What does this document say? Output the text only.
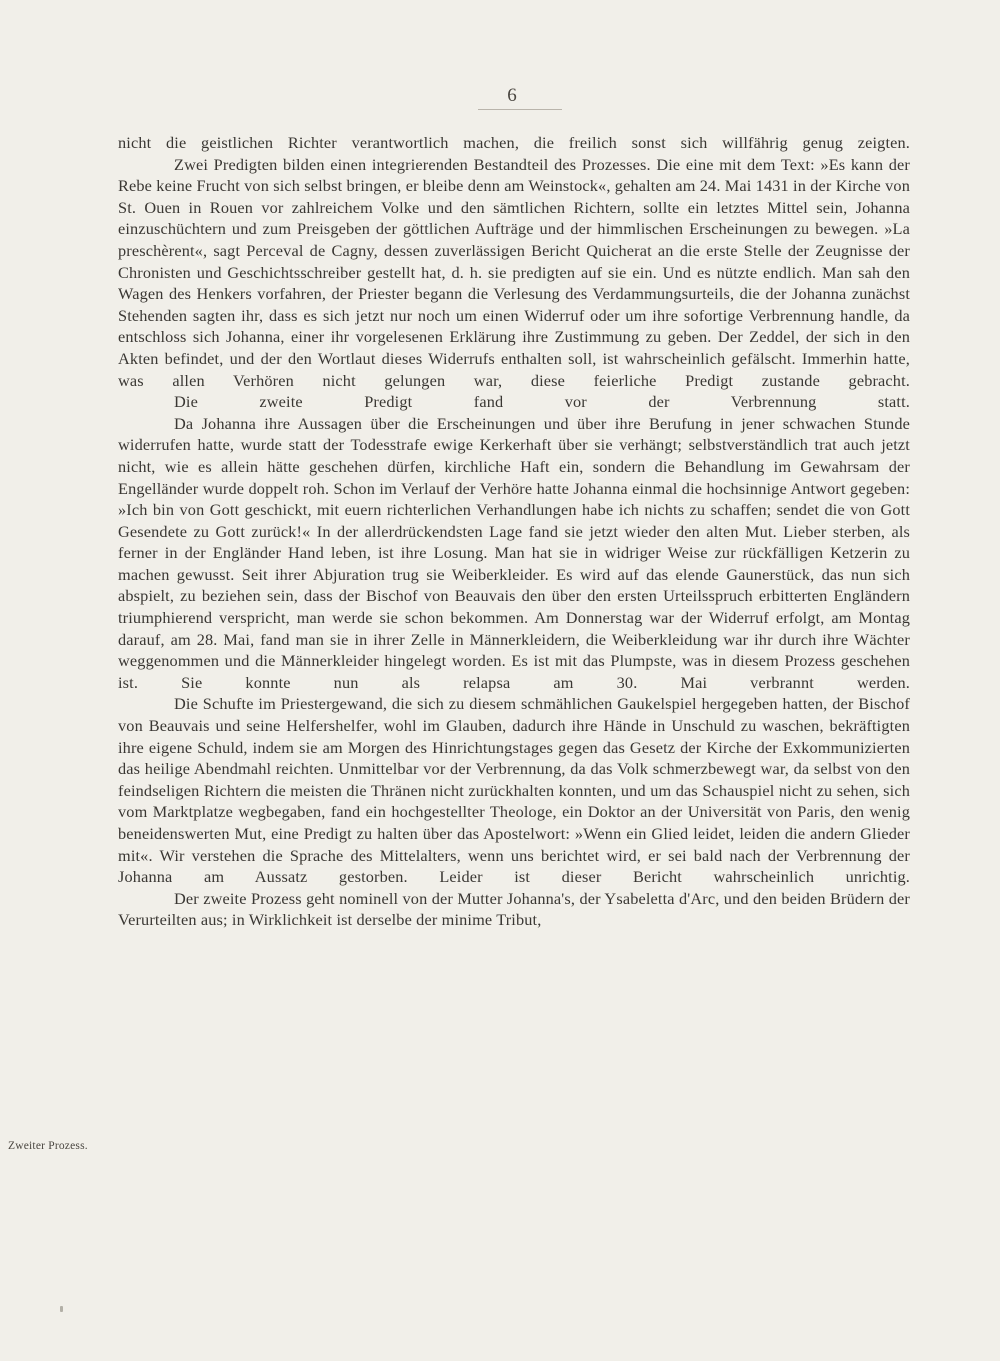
6

nicht die geistlichen Richter verantwortlich machen, die freilich sonst sich willfährig genug zeigten.

Zwei Predigten bilden einen integrierenden Bestandteil des Prozesses. Die eine mit dem Text: »Es kann der Rebe keine Frucht von sich selbst bringen, er bleibe denn am Weinstock«, gehalten am 24. Mai 1431 in der Kirche von St. Ouen in Rouen vor zahlreichem Volke und den sämtlichen Richtern, sollte ein letztes Mittel sein, Johanna einzuschüchtern und zum Preisgeben der göttlichen Aufträge und der himmlischen Erscheinungen zu bewegen. »La preschèrent«, sagt Perceval de Cagny, dessen zuverlässigen Bericht Quicherat an die erste Stelle der Zeugnisse der Chronisten und Geschichtsschreiber gestellt hat, d. h. sie predigten auf sie ein. Und es nützte endlich. Man sah den Wagen des Henkers vorfahren, der Priester begann die Verlesung des Verdammungsurteils, die der Johanna zunächst Stehenden sagten ihr, dass es sich jetzt nur noch um einen Widerruf oder um ihre sofortige Verbrennung handle, da entschloss sich Johanna, einer ihr vorgelesenen Erklärung ihre Zustimmung zu geben. Der Zeddel, der sich in den Akten befindet, und der den Wortlaut dieses Widerrufs enthalten soll, ist wahrscheinlich gefälscht. Immerhin hatte, was allen Verhören nicht gelungen war, diese feierliche Predigt zustande gebracht.

Die zweite Predigt fand vor der Verbrennung statt.

Da Johanna ihre Aussagen über die Erscheinungen und über ihre Berufung in jener schwachen Stunde widerrufen hatte, wurde statt der Todesstrafe ewige Kerkerhaft über sie verhängt; selbstverständlich trat auch jetzt nicht, wie es allein hätte geschehen dürfen, kirchliche Haft ein, sondern die Behandlung im Gewahrsam der Engelländer wurde doppelt roh. Schon im Verlauf der Verhöre hatte Johanna einmal die hochsinnige Antwort gegeben: »Ich bin von Gott geschickt, mit euern richterlichen Verhandlungen habe ich nichts zu schaffen; sendet die von Gott Gesendete zu Gott zurück!« In der allerdrückendsten Lage fand sie jetzt wieder den alten Mut. Lieber sterben, als ferner in der Engländer Hand leben, ist ihre Losung. Man hat sie in widriger Weise zur rückfälligen Ketzerin zu machen gewusst. Seit ihrer Abjuration trug sie Weiberkleider. Es wird auf das elende Gaunerstück, das nun sich abspielt, zu beziehen sein, dass der Bischof von Beauvais den über den ersten Urteilsspruch erbitterten Engländern triumphierend verspricht, man werde sie schon bekommen. Am Donnerstag war der Widerruf erfolgt, am Montag darauf, am 28. Mai, fand man sie in ihrer Zelle in Männerkleidern, die Weiberkleidung war ihr durch ihre Wächter weggenommen und die Männerkleider hingelegt worden. Es ist mit das Plumpste, was in diesem Prozess geschehen ist. Sie konnte nun als relapsa am 30. Mai verbrannt werden.

Die Schufte im Priestergewand, die sich zu diesem schmählichen Gaukelspiel hergegeben hatten, der Bischof von Beauvais und seine Helfershelfer, wohl im Glauben, dadurch ihre Hände in Unschuld zu waschen, bekräftigten ihre eigene Schuld, indem sie am Morgen des Hinrichtungstages gegen das Gesetz der Kirche der Exkommunizierten das heilige Abendmahl reichten. Unmittelbar vor der Verbrennung, da das Volk schmerzbewegt war, da selbst von den feindseligen Richtern die meisten die Thränen nicht zurückhalten konnten, und um das Schauspiel nicht zu sehen, sich vom Marktplatze wegbegaben, fand ein hochgestellter Theologe, ein Doktor an der Universität von Paris, den wenig beneidenswerten Mut, eine Predigt zu halten über das Apostelwort: »Wenn ein Glied leidet, leiden die andern Glieder mit«. Wir verstehen die Sprache des Mittelalters, wenn uns berichtet wird, er sei bald nach der Verbrennung der Johanna am Aussatz gestorben. Leider ist dieser Bericht wahrscheinlich unrichtig.

Der zweite Prozess geht nominell von der Mutter Johanna's, der Ysabeletta d'Arc, und den beiden Brüdern der Verurteilten aus; in Wirklichkeit ist derselbe der minime Tribut,

Zweiter Prozess.
